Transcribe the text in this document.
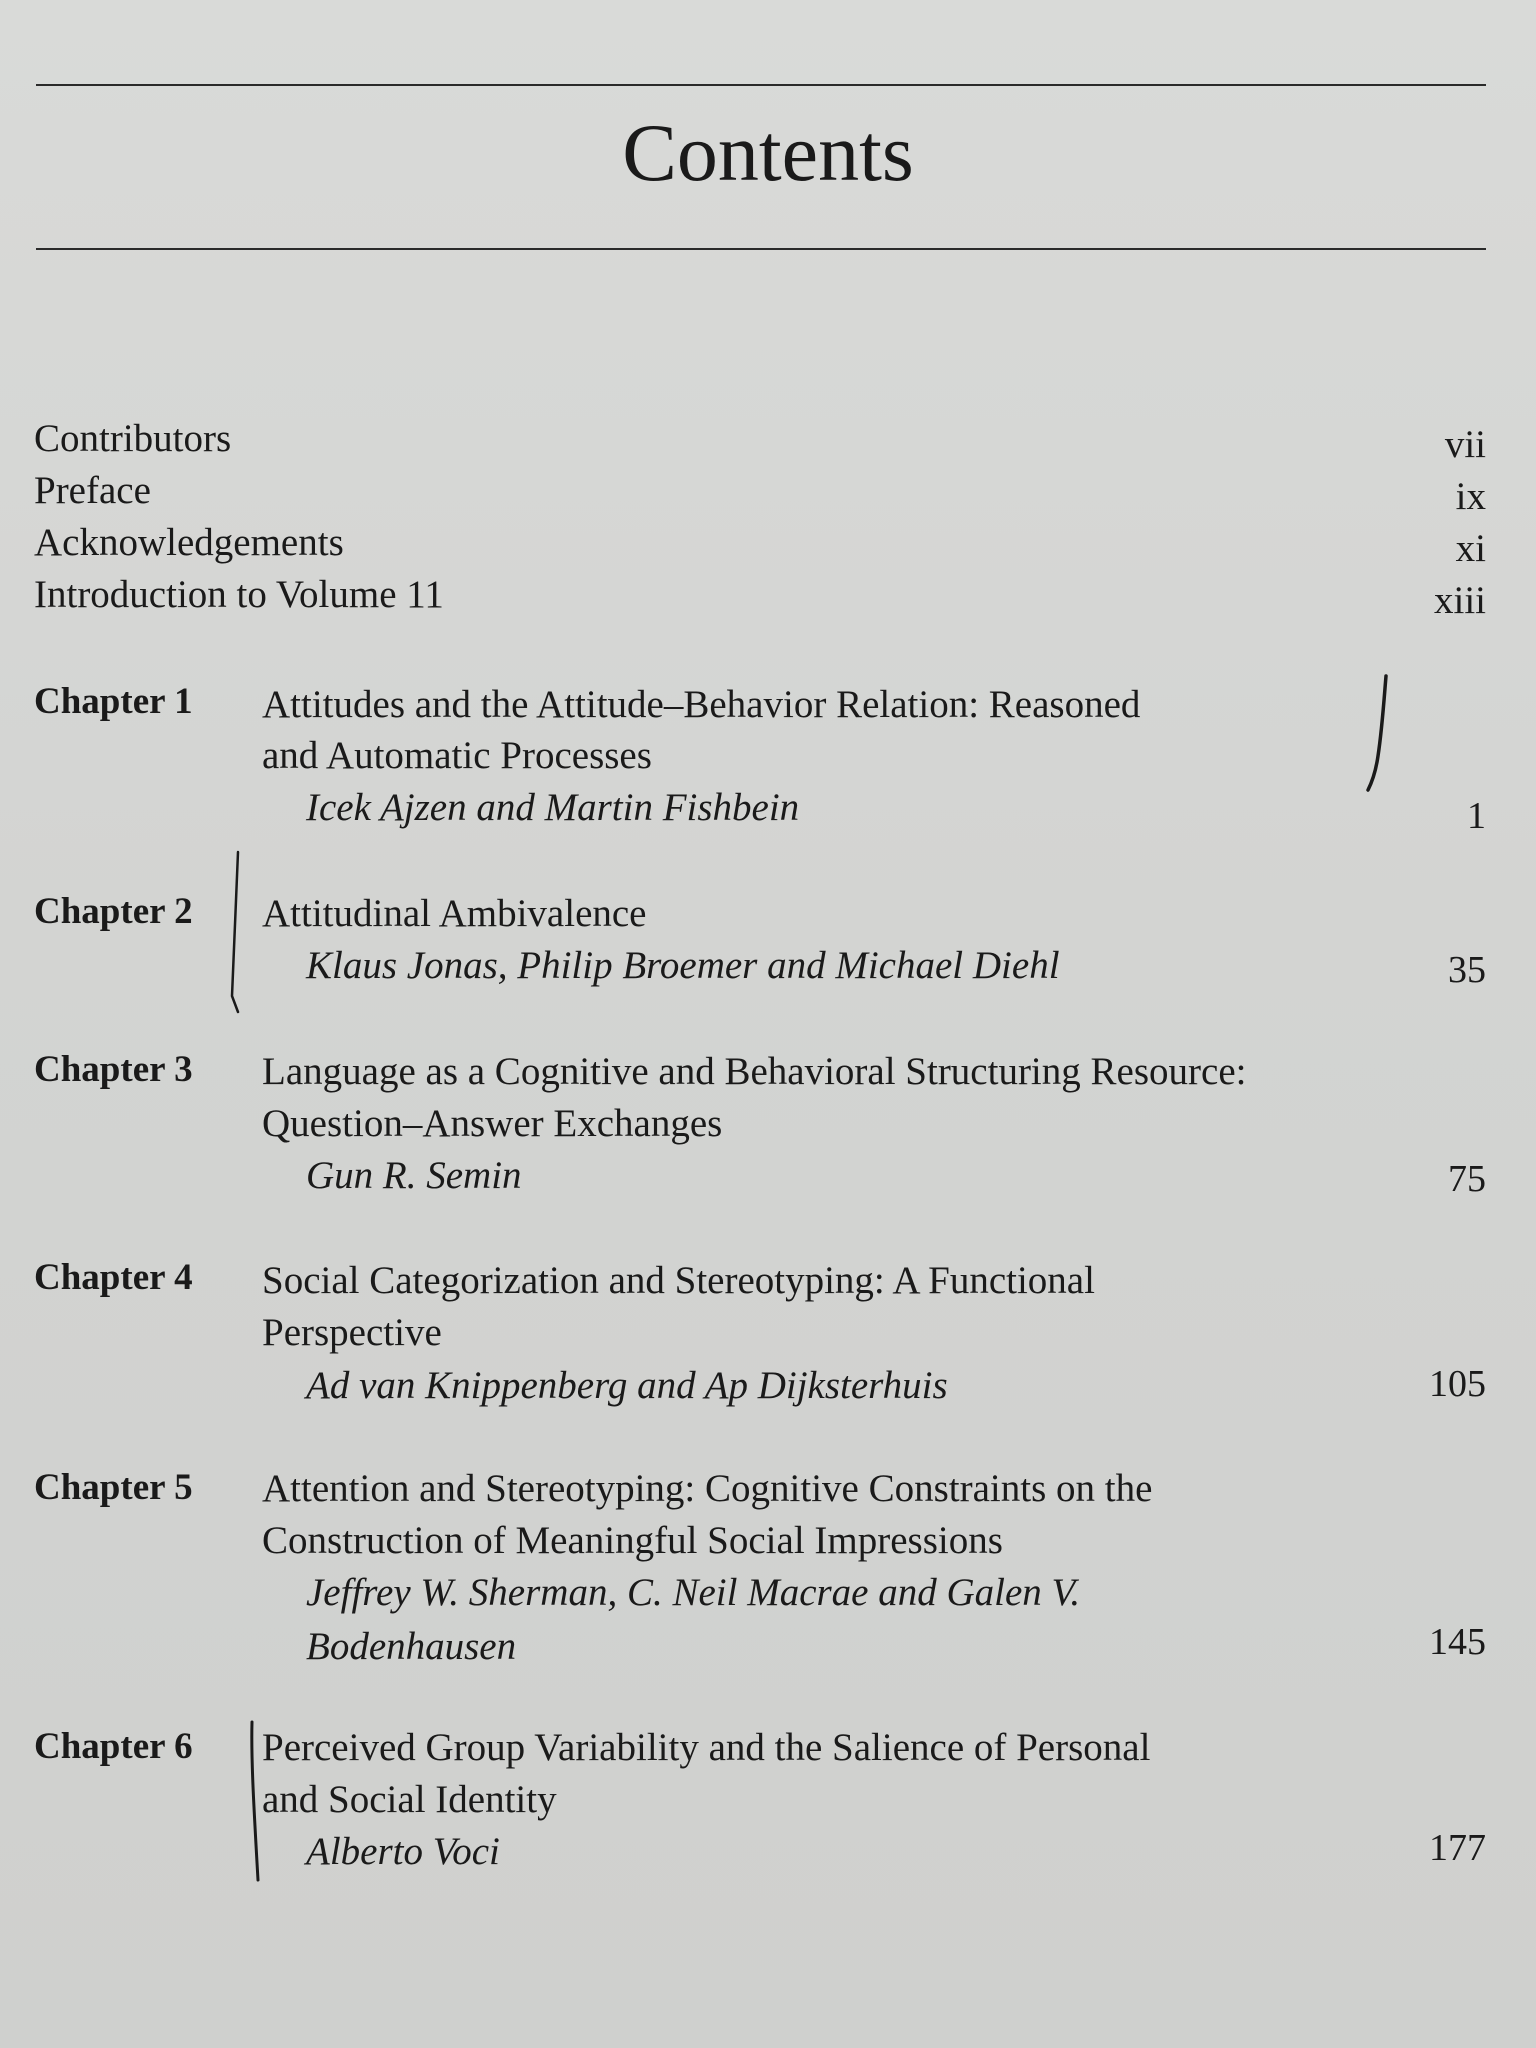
Contents
Contributors	vii
Preface	ix
Acknowledgements	xi
Introduction to Volume 11	xiii
Chapter 1 Attitudes and the Attitude–Behavior Relation: Reasoned
and Automatic Processes
Icek Ajzen and Martin Fishbein	1
Chapter 2 Attitudinal Ambivalence
Klaus Jonas, Philip Broemer and Michael Diehl	35
Chapter 3 Language as a Cognitive and Behavioral Structuring Resource:
Question–Answer Exchanges
Gun R. Semin	75
Chapter 4 Social Categorization and Stereotyping: A Functional
Perspective
Ad van Knippenberg and Ap Dijksterhuis	105
Chapter 5 Attention and Stereotyping: Cognitive Constraints on the
Construction of Meaningful Social Impressions
Jeffrey W. Sherman, C. Neil Macrae and Galen V.
Bodenhausen	145
Chapter 6 Perceived Group Variability and the Salience of Personal
and Social Identity
Alberto Voci	177
